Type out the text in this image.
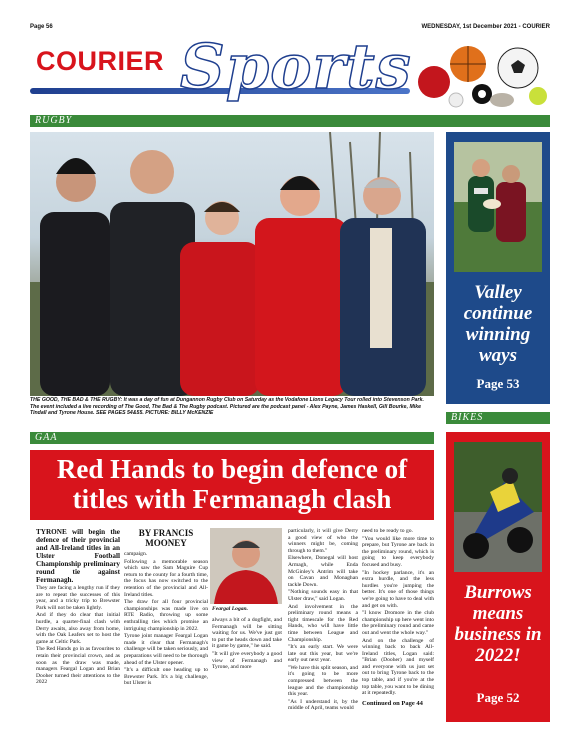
Page 56	WEDNESDAY, 1st December 2021 - COURIER
COURIER Sports
RUGBY
THE GOOD, THE BAD & THE RUGBY: It was a day of fun at Dungannon Rugby Club on Saturday as the Vodafone Lions Legacy Tour rolled into Stevenson Park. The event included a live recording of The Good, The Bad & The Rugby podcast. Pictured are the podcast panel - Alex Payne, James Haskell, Gill Bourke, Mike Tindall and Tyrone House. SEE PAGES 54&55. PICTURE: BILLY McKENZIE
GAA
Red Hands to begin defence of titles with Fermanagh clash

TYRONE will begin the defence of their provincial and All-Ireland titles in an Ulster Football Championship preliminary round tie against Fermanagh.

They are facing a lengthy run if they are to repeat the successes of this year, and a tricky trip to Brewster Park will not be taken lightly.

And if they do clear that initial hurdle, a quarter-final clash with Derry awaits, also away from home, with the Oak Leafers set to host the game at Celtic Park.

The Red Hands go in as favourites to retain their provincial crown, and as soon as the draw was made, managers Feargal Logan and Brian Dooher turned their attentions to the 2022

BY FRANCIS MOONEY

campaign.

Following a memorable season which saw the Sam Maguire Cup return to the county for a fourth time, the focus has now switched to the retention of the provincial and All-Ireland titles.

The draw for all four provincial championships was made live on RTE Radio, throwing up some enthralling ties which promise an intriguing championship in 2022.

Tyrone joint manager Feargal Logan made it clear that Fermanagh's challenge will be taken seriously, and preparations will need to be thorough ahead of the Ulster opener.

"It's a difficult one heading up to Brewster Park. It's a big challenge, but Ulster is

Feargal Logan.

always a bit of a dogfight, and Fermanagh will be sitting waiting for us. We've just got to put the heads down and take it game by game," he said.

"It will give everybody a good view of Fermanagh and Tyrone, and more

particularly, it will give Derry a good view of who the winners might be, coming through to them."

Elsewhere, Donegal will host Armagh, while Enda McGinley's Antrim will take on Cavan and Monaghan tackle Down.

"Nothing sounds easy in that Ulster draw," said Logan.

And involvement in the preliminary round means a tight timescale for the Red Hands, who will have little time between League and Championship.

"It's an early start. We were late out this year, but we're early out next year.

"We have this split season, and it's going to be more compressed between the league and the championship this year.

"As I understand it, by the middle of April, teams would

need to be ready to go.

"You would like more time to prepare, but Tyrone are back in the preliminary round, which is going to keep everybody focused and busy.

"In hockey parlance, it's an extra hurdle, and the less hurdles you're jumping the better. It's one of those things we're going to have to deal with and get on with.

"I know Dromore in the club championship up here went into the preliminary round and came out and went the whole way."

And on the challenge of winning back to back All-Ireland titles, Logan said: "Brian (Dooher) and myself and everyone with us just set out to bring Tyrone back to the top table, and if you're at the top table, you want to be dining at it repeatedly.

Continued on Page 44

Valley continue winning ways
Page 53
BIKES
Burrows means business in 2022!
Page 52
